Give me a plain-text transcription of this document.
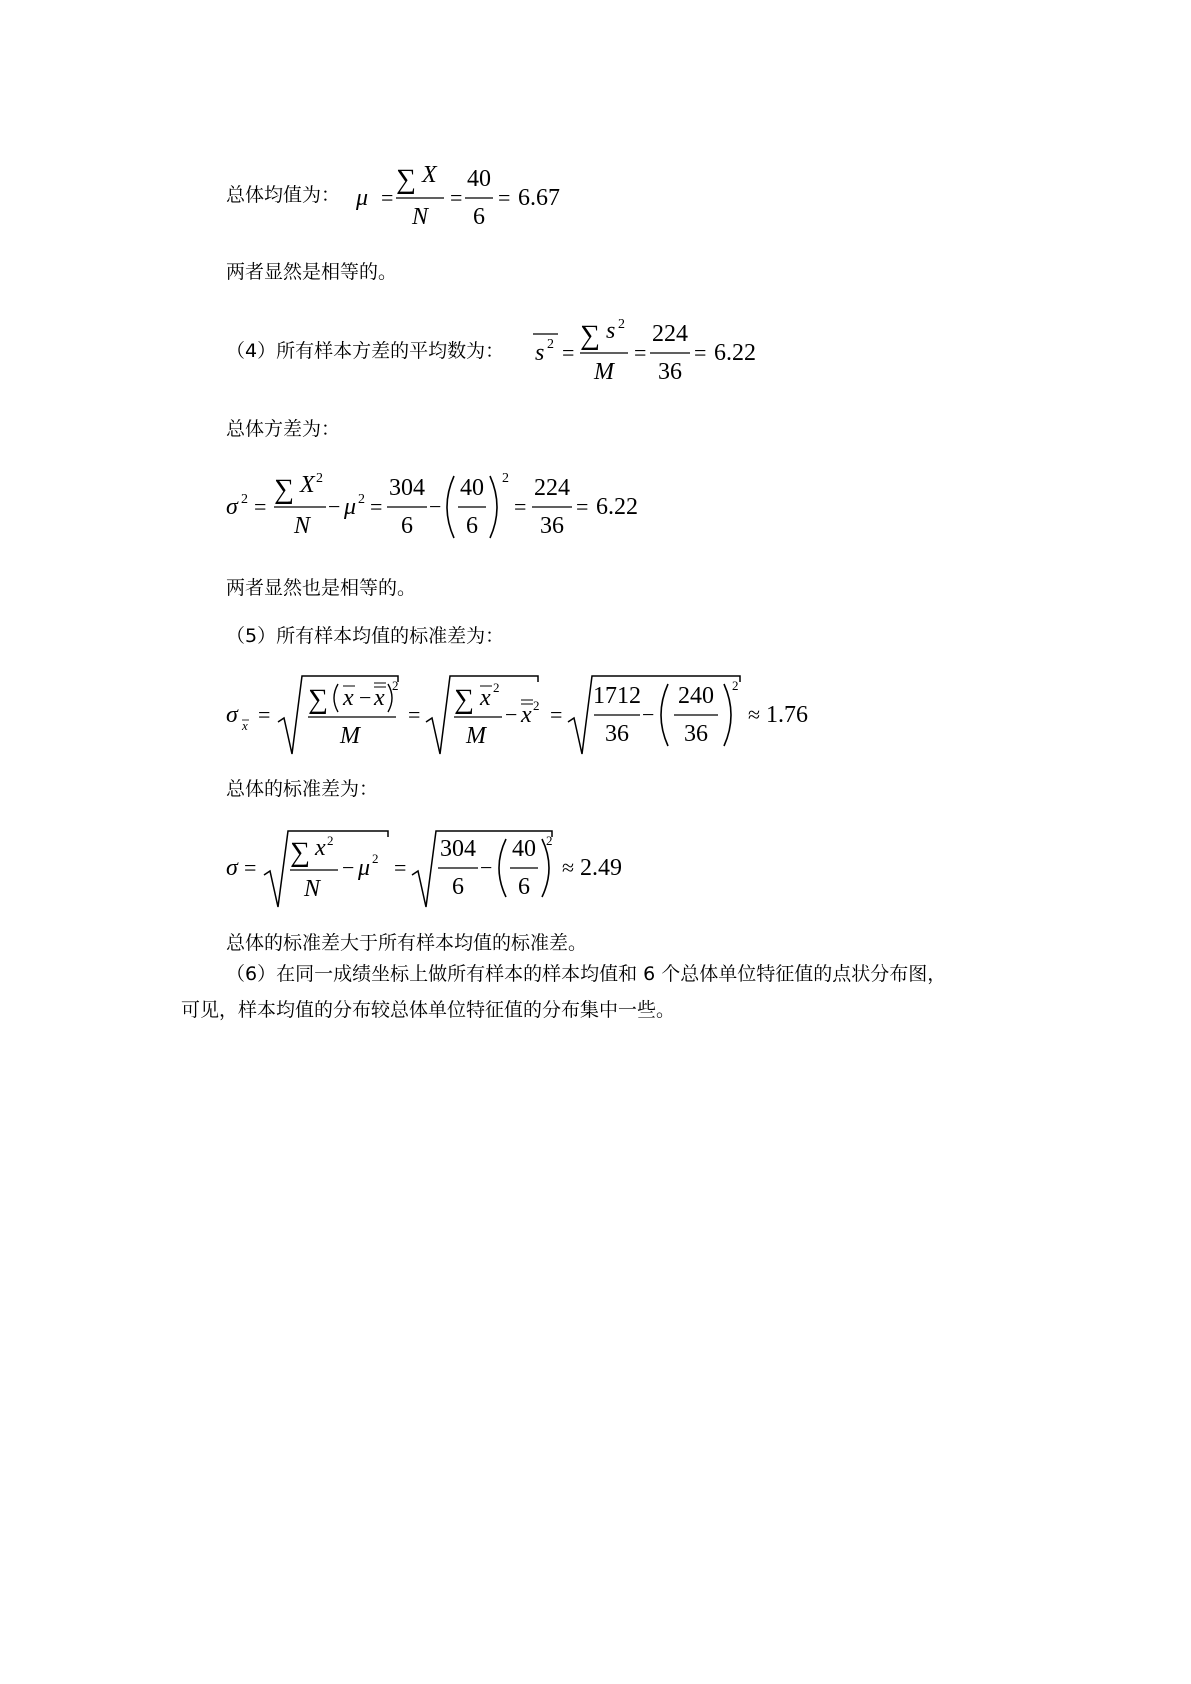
总体均值为： μ =
∑ X
N
=
40
6
= 6.67
两者显然是相等的。
（4）所有样本方差的平均数为： s 2 =
∑ s 2
M
=
224
36
= 6.22
总体方差为：
σ 2 =
∑ X 2
N
− μ 2 =
304
6
−
40
6
2
=
224
36
= 6.22
两者显然也是相等的。
（5）所有样本均值的标准差为：
σ x = ∑ x − x 2
M
= ∑ x 2
M
− x 2 =
1712
36
−
240
36
2
≈ 1.76
总体的标准差为：
σ = ∑ x 2
N
− μ 2 =
304
6
−
40
6
2
≈ 2.49
总体的标准差大于所有样本均值的标准差。
（6）在同一成绩坐标上做所有样本的样本均值和 6 个总体单位特征值的点状分布图，
可见，样本均值的分布较总体单位特征值的分布集中一些。
